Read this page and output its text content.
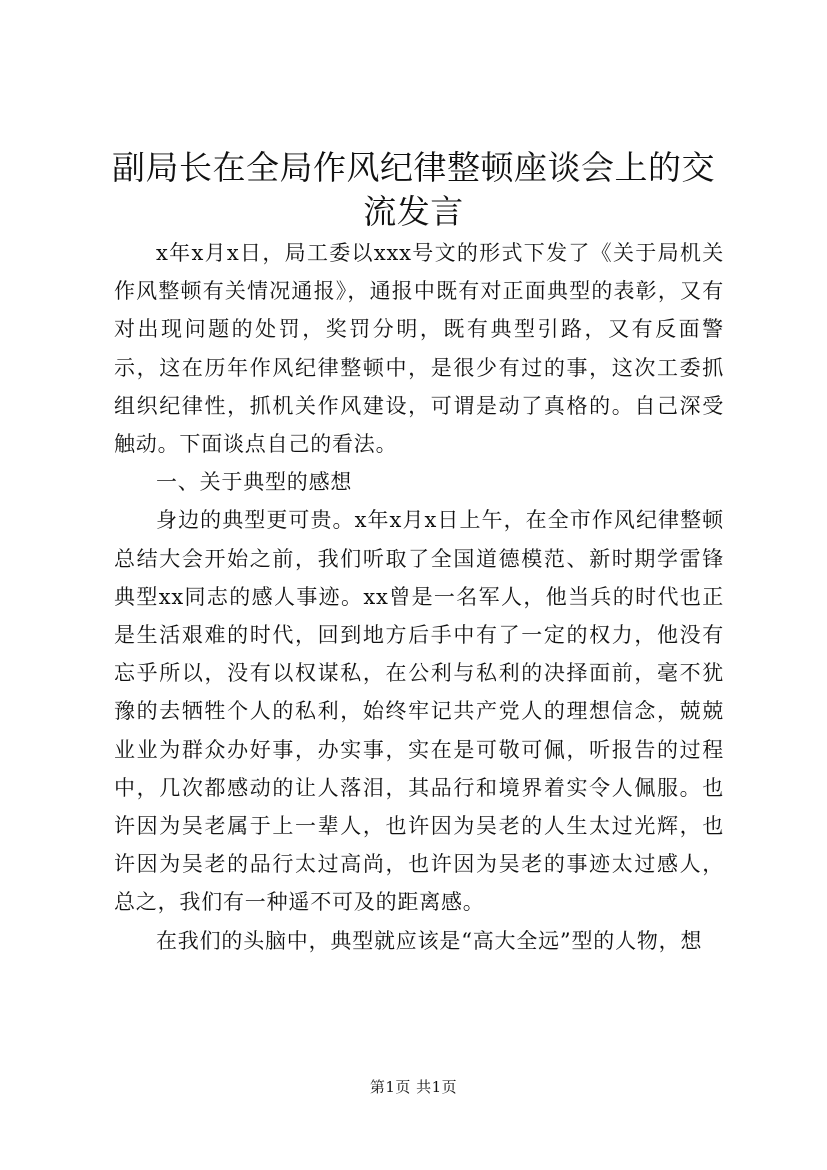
副局长在全局作风纪律整顿座谈会上的交流发言

x年x月x日，局工委以xxx号文的形式下发了《关于局机关作风整顿有关情况通报》，通报中既有对正面典型的表彰，又有对出现问题的处罚，奖罚分明，既有典型引路，又有反面警示，这在历年作风纪律整顿中，是很少有过的事，这次工委抓组织纪律性，抓机关作风建设，可谓是动了真格的。自己深受触动。下面谈点自己的看法。

一、关于典型的感想

身边的典型更可贵。x年x月x日上午，在全市作风纪律整顿总结大会开始之前，我们听取了全国道德模范、新时期学雷锋典型xx同志的感人事迹。xx曾是一名军人，他当兵的时代也正是生活艰难的时代，回到地方后手中有了一定的权力，他没有忘乎所以，没有以权谋私，在公利与私利的决择面前，毫不犹豫的去牺牲个人的私利，始终牢记共产党人的理想信念，兢兢业业为群众办好事，办实事，实在是可敬可佩，听报告的过程中，几次都感动的让人落泪，其品行和境界着实令人佩服。也许因为吴老属于上一辈人，也许因为吴老的人生太过光辉，也许因为吴老的品行太过高尚，也许因为吴老的事迹太过感人，总之，我们有一种遥不可及的距离感。

在我们的头脑中，典型就应该是“高大全远”型的人物，想

第1页 共1页
